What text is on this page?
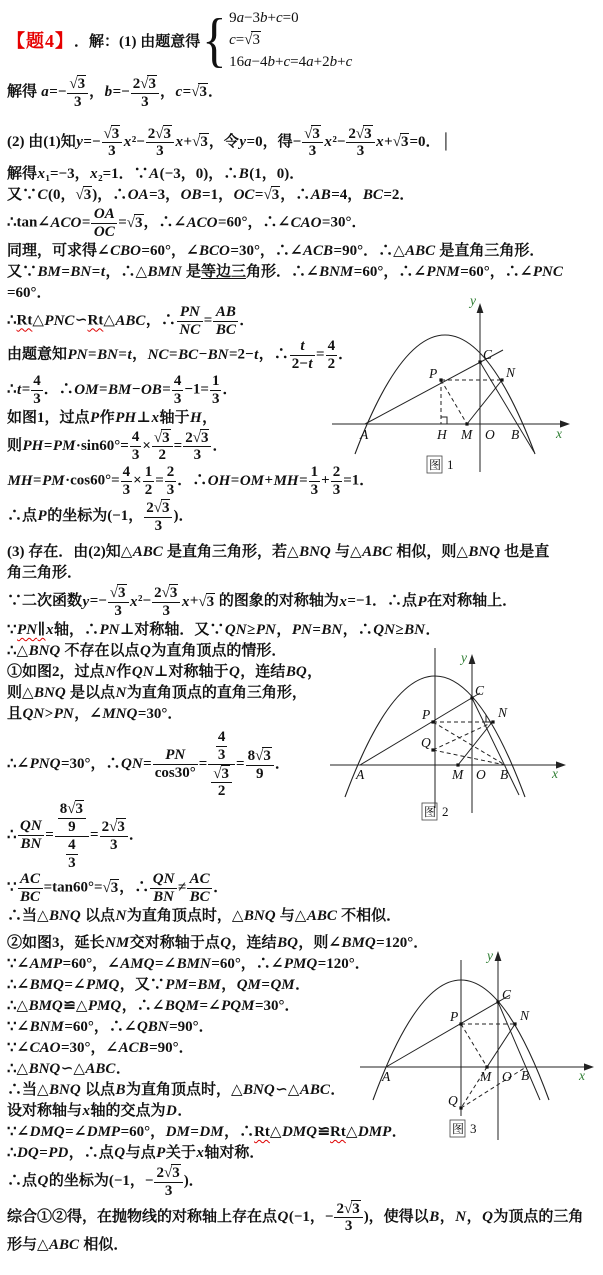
【题4】 ．解：(1) 由题意得 { 9a−3b+c=0
c=√3
16a−4b+c=4a+2b+c
解得 $a=- \frac{√3}{3}$ ，$b=- \frac{2√3}{3}$ ，c=√3．
(2) 由(1)知$y=- \frac{√3}{3} x^2- \frac{2√3}{3} x+√3$，令y=0，得− $\frac{√3}{3} x^2- \frac{2√3}{3} x+√3=0$．│
解得x₁=−3，x₂=1．∵A(−3，0)，∴B(1，0)．
又∵C(0，√3)，∴OA=3，OB=1，OC=√3，∴AB=4，BC=2．
∴tan∠ACO= $\frac{OA}{OC} =√3$，∴∠ACO=60°，∴∠CAO=30°．
同理，可求得∠CBO=60°，∠BCO=30°，∴∠ACB=90°．∴△ABC 是直角三角形．
又∵BM=BN=t，∴△BMN 是等边三角形．∴∠BNM=60°，∴∠PNM=60°，∴∠PNC
=60°．
∴Rt△PNC∽Rt△ABC，∴ $\frac{PN}{NC} = \frac{AB}{BC}$ ．
由题意知PN=BN=t，NC=BC−BN=2−t，∴ $\frac{t}{2-t} = \frac{4}{2}$ ．
∴t= $\frac{4}{3}$ ．∴OM=BM−OB= $\frac{4}{3} -1= \frac{1}{3}$ ．
如图1，过点P作PH⊥x轴于H，
则$PH=PM\cdot\sin 60^\circ= \frac{4}{3} \times \frac{√3}{2} = \frac{2√3}{3}$ ．
$MH=PM\cdot\cos 60^\circ= \frac{4}{3} \times \frac{1}{2} = \frac{2}{3}$ ．∴OH=OM+MH= $\frac{1}{3} + \frac{2}{3} =1$．
∴点P的坐标为(−1， $\frac{2√3}{3}$ )．
(3) 存在．由(2)知△ABC 是直角三角形，若△BNQ 与△ABC 相似，则△BNQ 也是直
角三角形．
∵二次函数$y=- \frac{√3}{3} x^2- \frac{2√3}{3} x+√3$ 的图象的对称轴为x=−1．∴点P在对称轴上．
∵PN∥x轴，∴PN⊥对称轴．又∵QN≥PN，PN=BN，∴QN≥BN．
∴△BNQ 不存在以点Q为直角顶点的情形．
①如图2，过点N作QN⊥对称轴于Q，连结BQ，
则△BNQ 是以点N为直角顶点的直角三角形，
且QN>PN，∠MNQ=30°．
∴∠PNQ=30°，∴QN= $\frac{PN}{\cos 30^\circ} = \frac{\frac{4}{3}}{\frac{√3}{2}} = \frac{8√3}{9}$ ．
∴ $\frac{QN}{BN} = \frac{\frac{8√3}{9}}{\frac{4}{3}} = \frac{2√3}{3}$ ．
∵ $\frac{AC}{BC} =\tan 60^\circ=√3$，∴ $\frac{QN}{BN} \ne \frac{AC}{BC}$ ．
∴当△BNQ 以点N为直角顶点时，△BNQ 与△ABC 不相似．
②如图3，延长NM交对称轴于点Q，连结BQ，则∠BMQ=120°．
∵∠AMP=60°，∠AMQ=∠BMN=60°，∴∠PMQ=120°．
∴∠BMQ=∠PMQ，又∵PM=BM，QM=QM．
∴△BMQ≌△PMQ，∴∠BQM=∠PQM=30°．
∵∠BNM=60°，∴∠QBN=90°．
∵∠CAO=30°，∠ACB=90°．
∴△BNQ∽△ABC．
∴当△BNQ 以点B为直角顶点时，△BNQ∽△ABC．
设对称轴与x轴的交点为D．
∵∠DMQ=∠DMP=60°，DM=DM，∴Rt△DMQ≌Rt△DMP．
∴DQ=PD，∴点Q与点P关于x轴对称．
∴点Q的坐标为(−1，− $\frac{2√3}{3}$ )．
综合①②得，在抛物线的对称轴上存在点Q(−1，− $\frac{2√3}{3}$ )，使得以B，N，Q为顶点的三角
形与△ABC 相似．
y
x
A	H M O B
C
P	N
图 1
y
x
A	M O B
C
P	N
Q
图 2
y
x
A	M O B
C
P	N
Q
图 3
